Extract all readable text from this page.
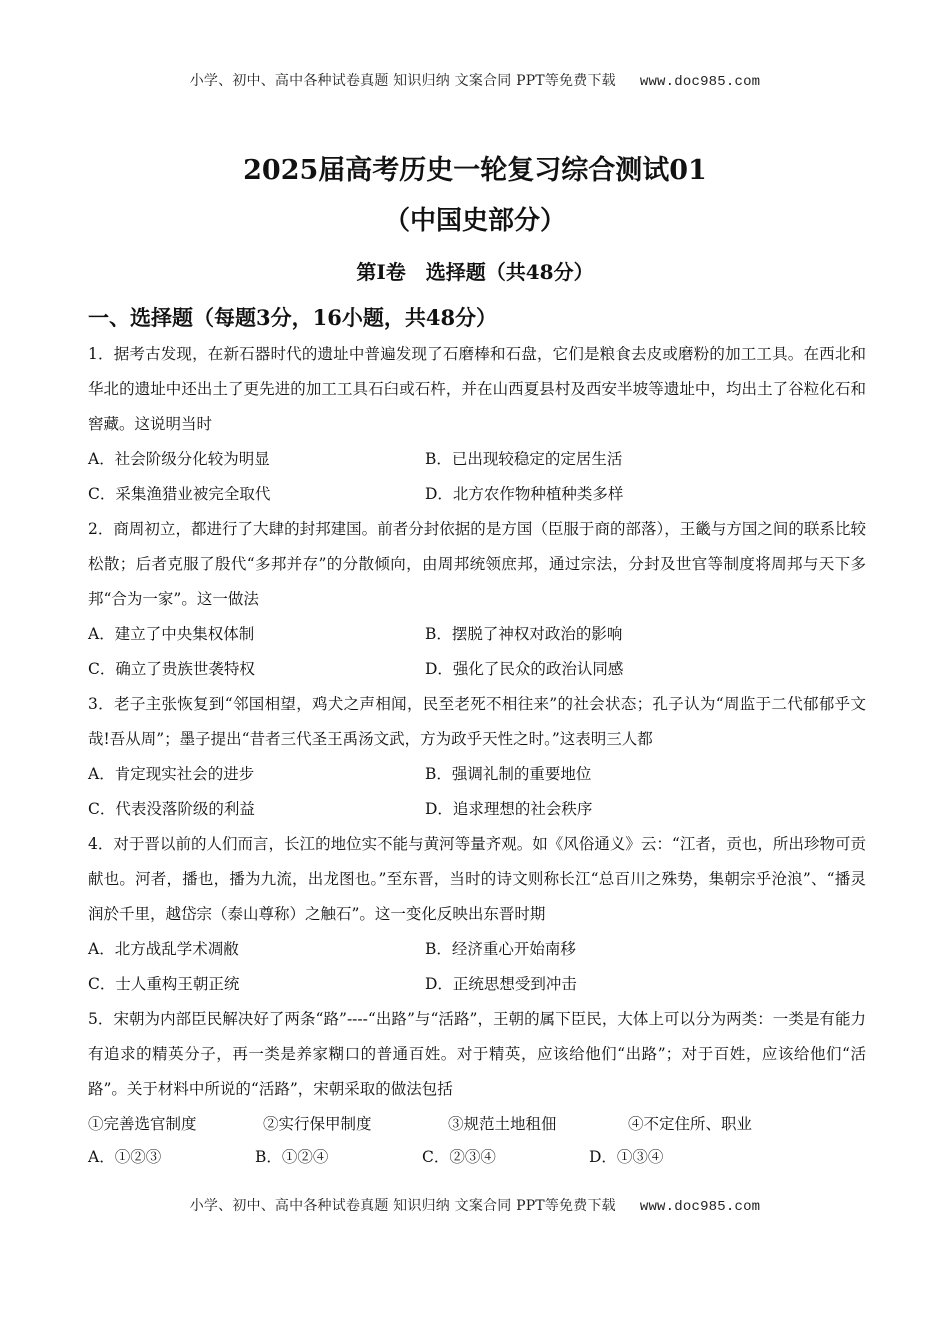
小学、初中、高中各种试卷真题 知识归纳 文案合同 PPT等免费下载 www.doc985.com
2025届高考历史一轮复习综合测试01
（中国史部分）
第Ⅰ卷　选择题（共48分）
一、选择题（每题3分，16小题，共48分）
1．据考古发现，在新石器时代的遗址中普遍发现了石磨棒和石盘，它们是粮食去皮或磨粉的加工工具。在西北和华北的遗址中还出土了更先进的加工工具石臼或石杵，并在山西夏县村及西安半坡等遗址中，均出土了谷粒化石和窖藏。这说明当时
A．社会阶级分化较为明显	B．已出现较稳定的定居生活
C．采集渔猎业被完全取代	D．北方农作物种植种类多样
2．商周初立，都进行了大肆的封邦建国。前者分封依据的是方国（臣服于商的部落），王畿与方国之间的联系比较松散；后者克服了殷代“多邦并存”的分散倾向，由周邦统领庶邦，通过宗法，分封及世官等制度将周邦与天下多邦“合为一家”。这一做法
A．建立了中央集权体制	B．摆脱了神权对政治的影响
C．确立了贵族世袭特权	D．强化了民众的政治认同感
3．老子主张恢复到“邻国相望，鸡犬之声相闻，民至老死不相往来”的社会状态；孔子认为“周监于二代郁郁乎文哉!吾从周”；墨子提出“昔者三代圣王禹汤文武，方为政乎天性之时。”这表明三人都
A．肯定现实社会的进步	B．强调礼制的重要地位
C．代表没落阶级的利益	D．追求理想的社会秩序
4．对于晋以前的人们而言，长江的地位实不能与黄河等量齐观。如《风俗通义》云：“江者，贡也，所出珍物可贡献也。河者，播也，播为九流，出龙图也。”至东晋，当时的诗文则称长江“总百川之殊势，集朝宗乎沧浪”、“播灵润於千里，越岱宗（泰山尊称）之触石”。这一变化反映出东晋时期
A．北方战乱学术凋敝	B．经济重心开始南移
C．士人重构王朝正统	D．正统思想受到冲击
5．宋朝为内部臣民解决好了两条“路”----“出路”与“活路”，王朝的属下臣民，大体上可以分为两类：一类是有能力有追求的精英分子，再一类是养家糊口的普通百姓。对于精英，应该给他们“出路”；对于百姓，应该给他们“活路”。关于材料中所说的“活路”，宋朝采取的做法包括
①完善选官制度	②实行保甲制度	③规范土地租佃	④不定住所、职业
A．①②③	B．①②④	C．②③④	D．①③④
小学、初中、高中各种试卷真题 知识归纳 文案合同 PPT等免费下载 www.doc985.com
